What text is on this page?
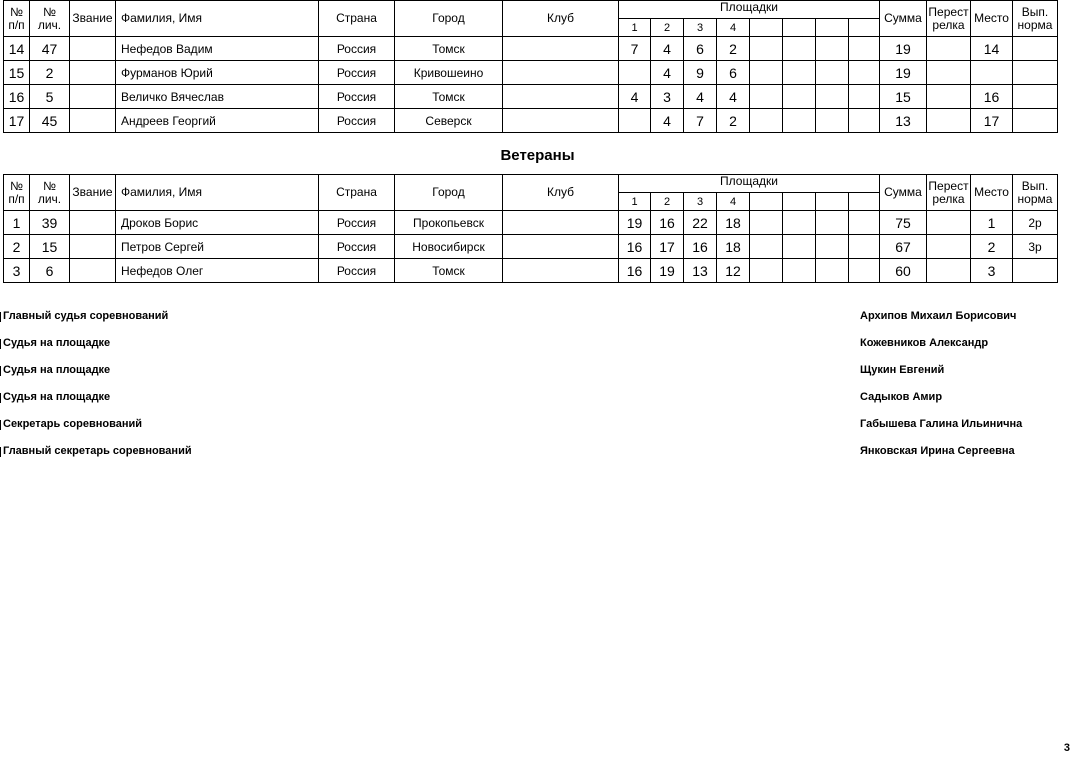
№ п/п	№ лич.	Звание	Фамилия, Имя	Страна	Город	Клуб	Площадки								Сумма	Перест релка	Место	Вып. норма
							1	2	3	4								
14	47		Нефедов Вадим	Россия	Томск		7	4	6	2					19		14	
15	2		Фурманов Юрий	Россия	Кривошеино			4	9	6					19			
16	5		Величко Вячеслав	Россия	Томск		4	3	4	4					15		16	
17	45		Андреев Георгий	Россия	Северск			4	7	2					13		17	
Ветераны
№ п/п	№ лич.	Звание	Фамилия, Имя	Страна	Город	Клуб	Площадки								Сумма	Перест релка	Место	Вып. норма
							1	2	3	4								
1	39		Дроков Борис	Россия	Прокопьевск		19	16	22	18					75		1	2р
2	15		Петров Сергей	Россия	Новосибирск		16	17	16	18					67		2	3р
3	6		Нефедов Олег	Россия	Томск		16	19	13	12					60		3	
Главный судья соревнований	Архипов Михаил Борисович
Судья на площадке	Кожевников Александр
Судья на площадке	Щукин Евгений
Судья на площадке	Садыков Амир
Секретарь соревнований	Габышева Галина Ильинична
Главный секретарь соревнований	Янковская Ирина Сергеевна
3
